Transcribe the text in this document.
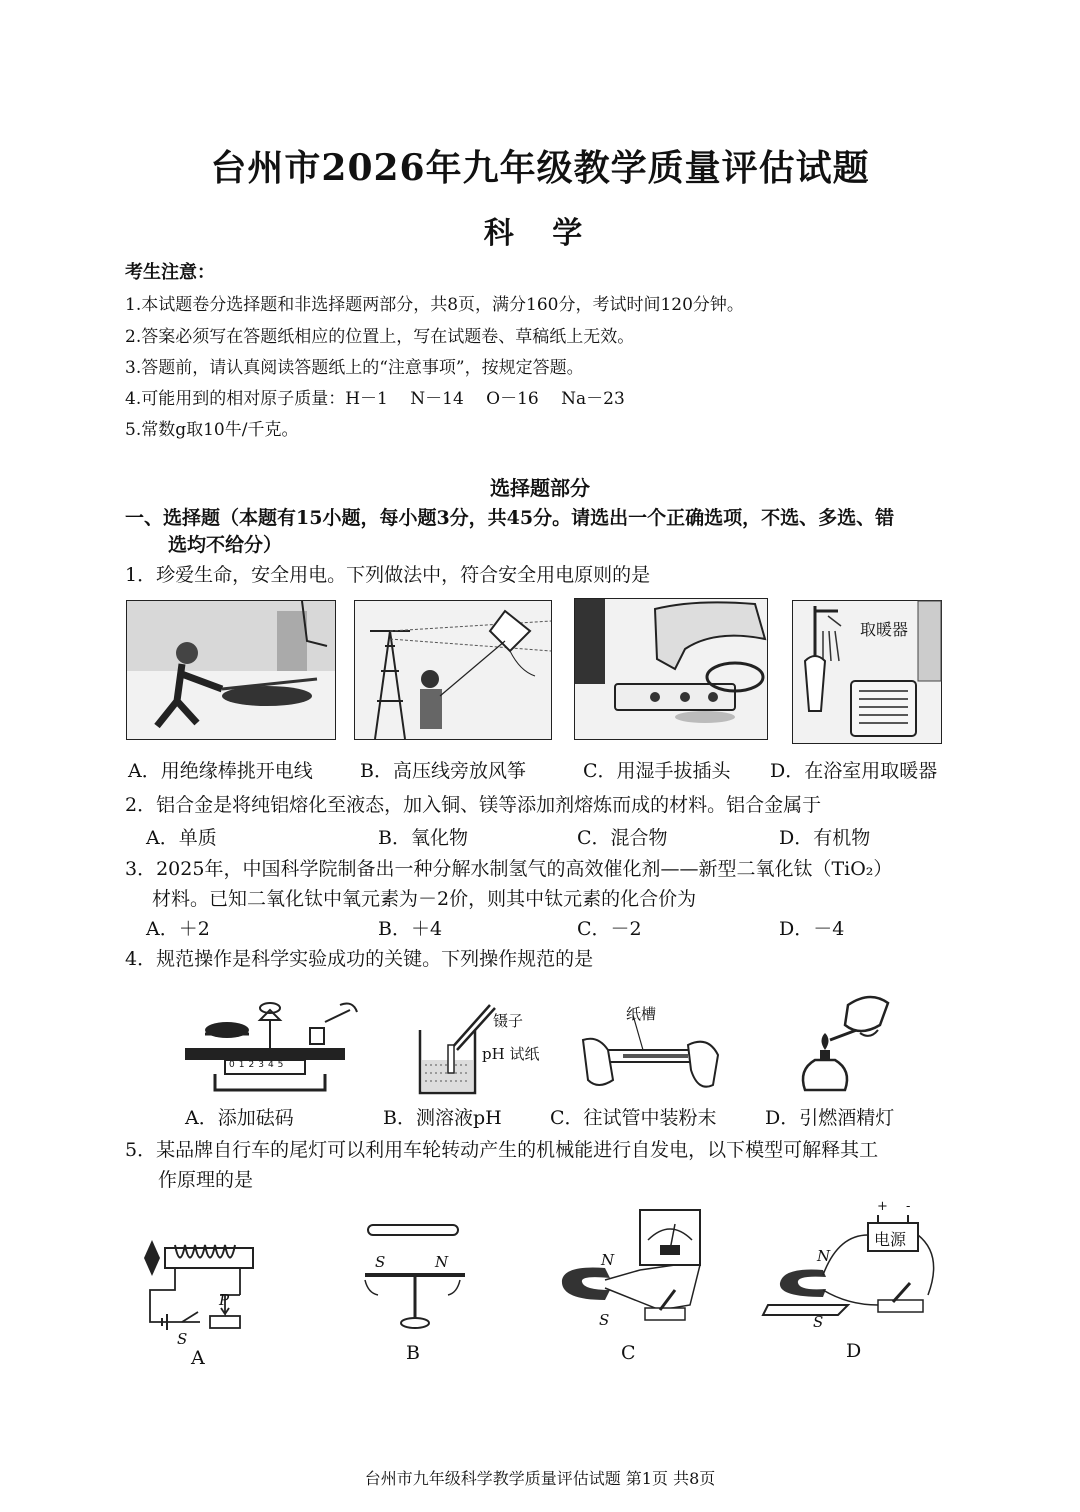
台州市2026年九年级教学质量评估试题
科 学
考生注意：
1.本试题卷分选择题和非选择题两部分，共8页，满分160分，考试时间120分钟。
2.答案必须写在答题纸相应的位置上，写在试题卷、草稿纸上无效。
3.答题前，请认真阅读答题纸上的“注意事项”，按规定答题。
4.可能用到的相对原子质量：H－1　 N－14　 O－16　 Na－23
5.常数g取10牛/千克。
选择题部分
一、选择题（本题有15小题，每小题3分，共45分。请选出一个正确选项，不选、多选、错
选均不给分）
1．珍爱生命，安全用电。下列做法中，符合安全用电原则的是
取暖器
A．用绝缘棒挑开电线 B．高压线旁放风筝	C．用湿手拔插头 D．在浴室用取暖器
2．铝合金是将纯铝熔化至液态，加入铜、镁等添加剂熔炼而成的材料。铝合金属于
A．单质	B．氧化物	C．混合物	D．有机物
3．2025年，中国科学院制备出一种分解水制氢气的高效催化剂——新型二氧化钛（TiO₂）
材料。已知二氧化钛中氧元素为－2价，则其中钛元素的化合价为
A．＋2	B．＋4	C．－2	D．－4
4．规范操作是科学实验成功的关键。下列操作规范的是
012345
镊子
pH 试纸
纸槽
A．添加砝码	B．测溶液pH	C．往试管中装粉末	D．引燃酒精灯
5．某品牌自行车的尾灯可以利用车轮转动产生的机械能进行自发电，以下模型可解释其工
作原理的是
P
S
S	N	N
S
+ -
电源
N
S
A	B	C	D
台州市九年级科学教学质量评估试题 第1页 共8页
